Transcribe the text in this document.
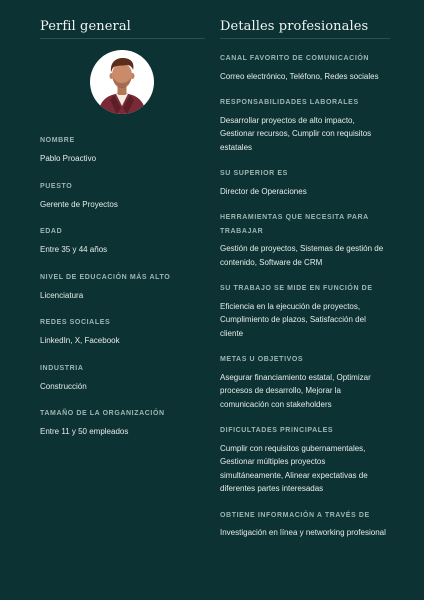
Perfil general
NOMBRE
Pablo Proactivo
PUESTO
Gerente de Proyectos
EDAD
Entre 35 y 44 años
NIVEL DE EDUCACIÓN MÁS ALTO
Licenciatura
REDES SOCIALES
LinkedIn, X, Facebook
INDUSTRIA
Construcción
TAMAÑO DE LA ORGANIZACIÓN
Entre 11 y 50 empleados
Detalles profesionales
CANAL FAVORITO DE COMUNICACIÓN
Correo electrónico, Teléfono, Redes sociales
RESPONSABILIDADES LABORALES
Desarrollar proyectos de alto impacto, Gestionar recursos, Cumplir con requisitos estatales
SU SUPERIOR ES
Director de Operaciones
HERRAMIENTAS QUE NECESITA PARA TRABAJAR
Gestión de proyectos, Sistemas de gestión de contenido, Software de CRM
SU TRABAJO SE MIDE EN FUNCIÓN DE
Eficiencia en la ejecución de proyectos, Cumplimiento de plazos, Satisfacción del cliente
METAS U OBJETIVOS
Asegurar financiamiento estatal, Optimizar procesos de desarrollo, Mejorar la comunicación con stakeholders
DIFICULTADES PRINCIPALES
Cumplir con requisitos gubernamentales, Gestionar múltiples proyectos simultáneamente, Alinear expectativas de diferentes partes interesadas
OBTIENE INFORMACIÓN A TRAVÉS DE
Investigación en línea y networking profesional
